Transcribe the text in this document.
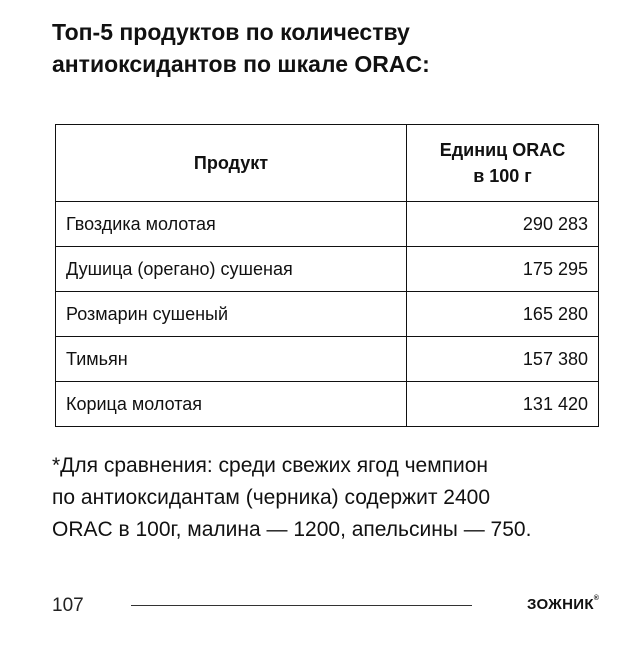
Топ-5 продуктов по количеству
антиоксидантов по шкале ORAC:
Продукт	Единиц ORAC
в 100 г

Гвоздика молотая	290 283
Душица (орегано) сушеная	175 295
Розмарин сушеный	165 280
Тимьян	157 380
Корица молотая	131 420
*Для сравнения: среди свежих ягод чемпион
по антиоксидантам (черника) содержит 2400
ORAC в 100г, малина — 1200, апельсины — 750.
107	ЗОЖНИК®
